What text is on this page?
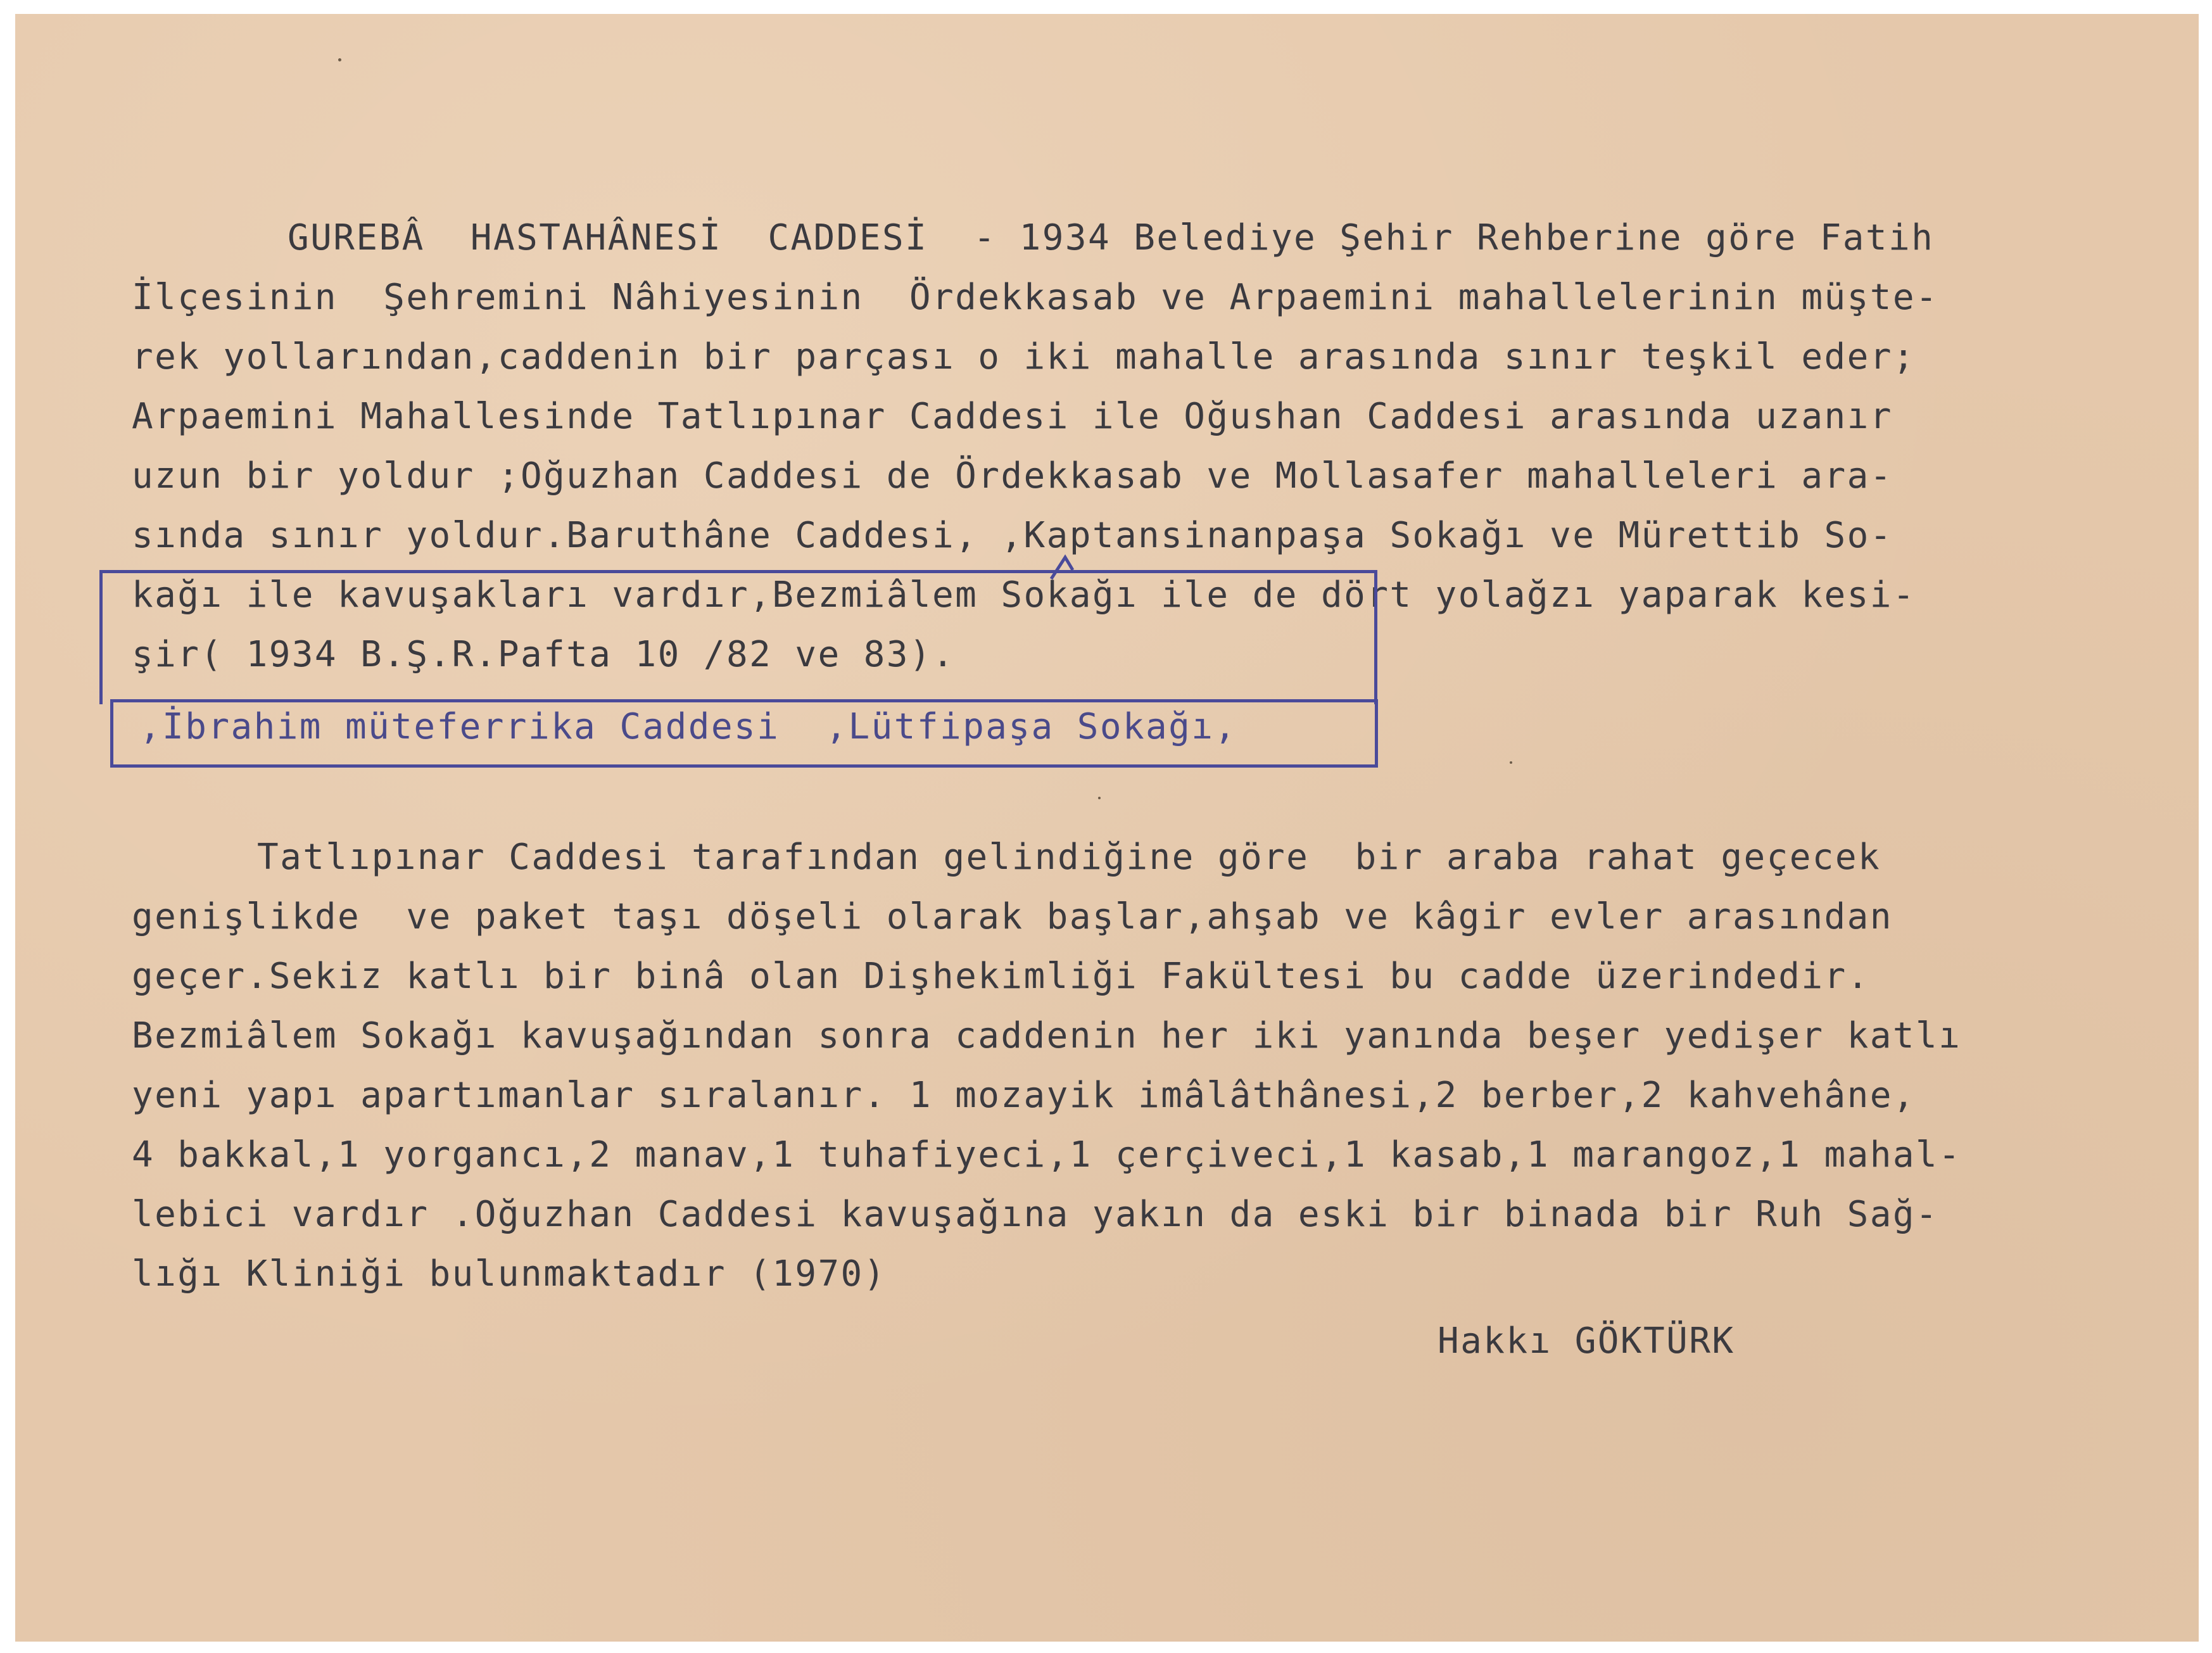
GUREBÂ  HASTAHÂNESİ  CADDESİ  - 1934 Belediye Şehir Rehberine göre Fatih
İlçesinin  Şehremini Nâhiyesinin  Ördekkasab ve Arpaemini mahallelerinin müşte-
rek yollarından,caddenin bir parçası o iki mahalle arasında sınır teşkil eder;
Arpaemini Mahallesinde Tatlıpınar Caddesi ile Oğushan Caddesi arasında uzanır
uzun bir yoldur ;Oğuzhan Caddesi de Ördekkasab ve Mollasafer mahalleleri ara-
sında sınır yoldur.Baruthâne Caddesi, ,Kaptansinanpaşa Sokağı ve Mürettib So-
kağı ile kavuşakları vardır,Bezmiâlem Sokağı ile de dört yolağzı yaparak kesi-
şir( 1934 B.Ş.R.Pafta 10 /82 ve 83).
,İbrahim müteferrika Caddesi  ,Lütfipaşa Sokağı,
Tatlıpınar Caddesi tarafından gelindiğine göre  bir araba rahat geçecek
genişlikde  ve paket taşı döşeli olarak başlar,ahşab ve kâgir evler arasından
geçer.Sekiz katlı bir binâ olan Dişhekimliği Fakültesi bu cadde üzerindedir.
Bezmiâlem Sokağı kavuşağından sonra caddenin her iki yanında beşer yedişer katlı
yeni yapı apartımanlar sıralanır. 1 mozayik imâlâthânesi,2 berber,2 kahvehâne,
4 bakkal,1 yorgancı,2 manav,1 tuhafiyeci,1 çerçiveci,1 kasab,1 marangoz,1 mahal-
lebici vardır .Oğuzhan Caddesi kavuşağına yakın da eski bir binada bir Ruh Sağ-
lığı Kliniği bulunmaktadır (1970)
Hakkı GÖKTÜRK
